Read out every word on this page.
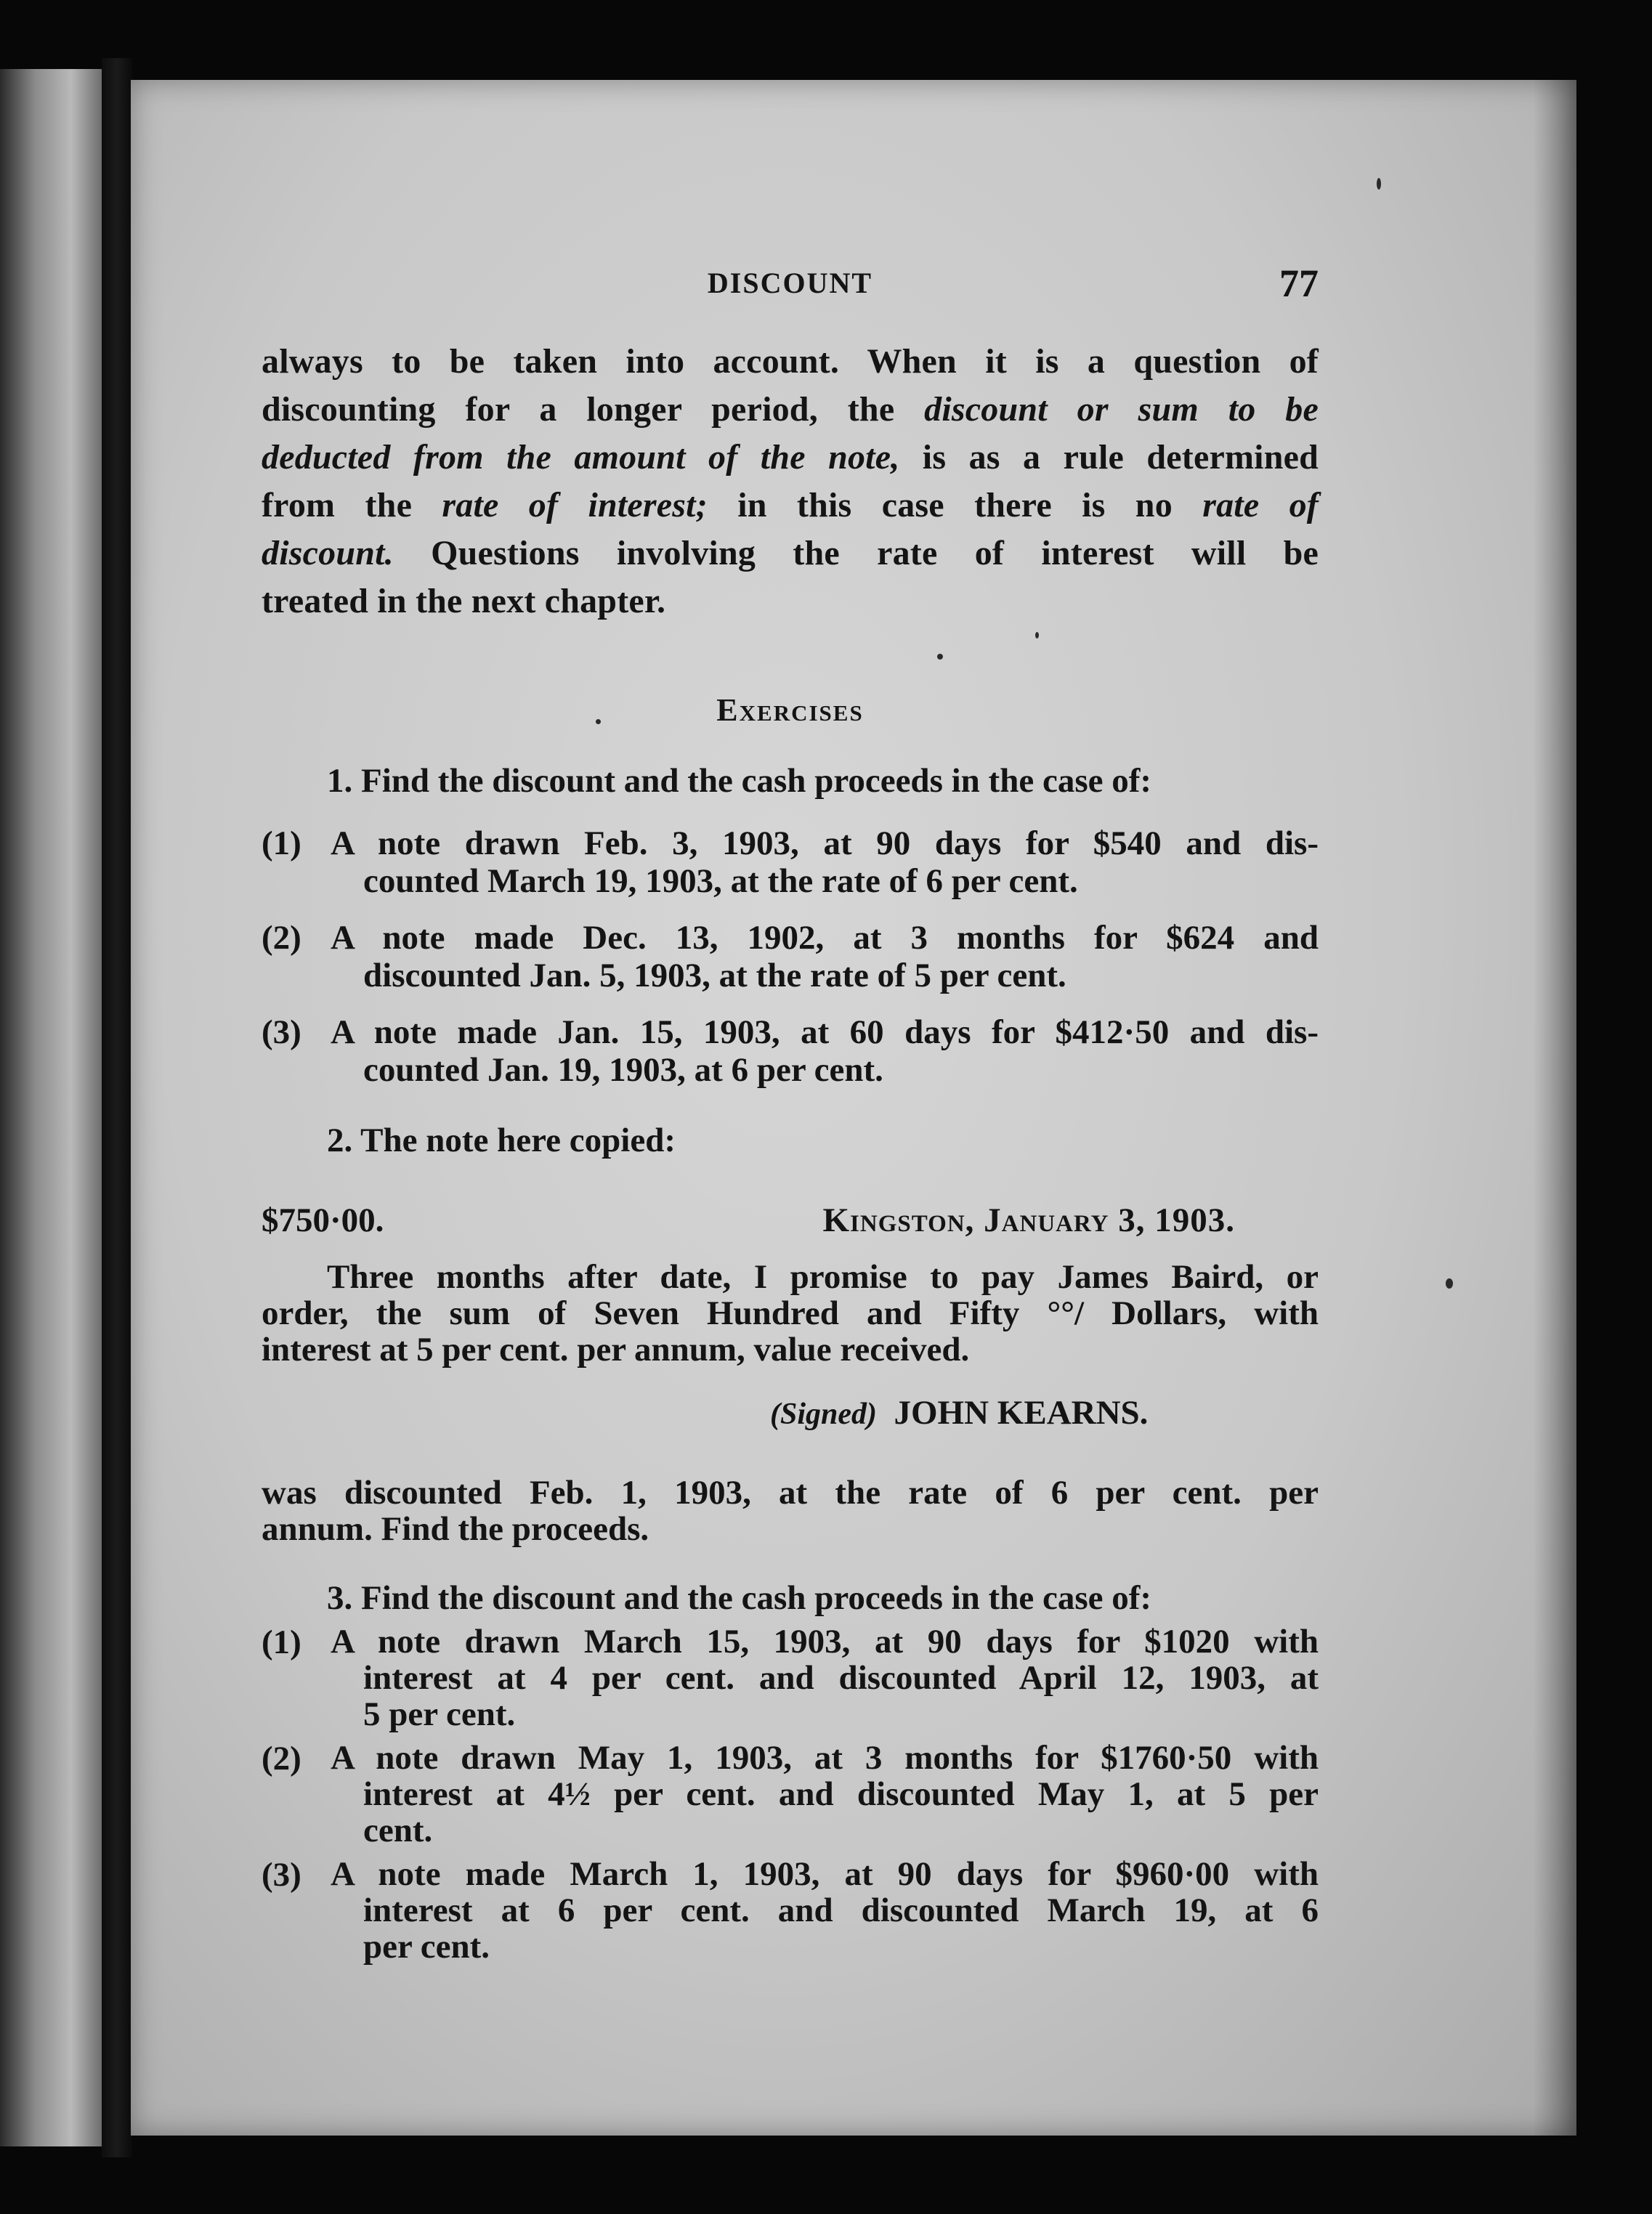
DISCOUNT	77
always to be taken into account. When it is a question of
discounting for a longer period, the discount or sum to be
deducted from the amount of the note, is as a rule determined
from the rate of interest; in this case there is no rate of
discount. Questions involving the rate of interest will be
treated in the next chapter.
Exercises
1. Find the discount and the cash proceeds in the case of:
(1) A note drawn Feb. 3, 1903, at 90 days for $540 and dis-
counted March 19, 1903, at the rate of 6 per cent.
(2) A note made Dec. 13, 1902, at 3 months for $624 and
discounted Jan. 5, 1903, at the rate of 5 per cent.
(3) A note made Jan. 15, 1903, at 60 days for $412·50 and dis-
counted Jan. 19, 1903, at 6 per cent.
2. The note here copied:
$750·00.	Kingston, January 3, 1903.
Three months after date, I promise to pay James Baird, or
order, the sum of Seven Hundred and Fifty °°/ Dollars, with
interest at 5 per cent. per annum, value received.
(Signed) JOHN KEARNS.
was discounted Feb. 1, 1903, at the rate of 6 per cent. per
annum. Find the proceeds.
3. Find the discount and the cash proceeds in the case of:
(1) A note drawn March 15, 1903, at 90 days for $1020 with
interest at 4 per cent. and discounted April 12, 1903, at
5 per cent.
(2) A note drawn May 1, 1903, at 3 months for $1760·50 with
interest at 4½ per cent. and discounted May 1, at 5 per
cent.
(3) A note made March 1, 1903, at 90 days for $960·00 with
interest at 6 per cent. and discounted March 19, at 6
per cent.
